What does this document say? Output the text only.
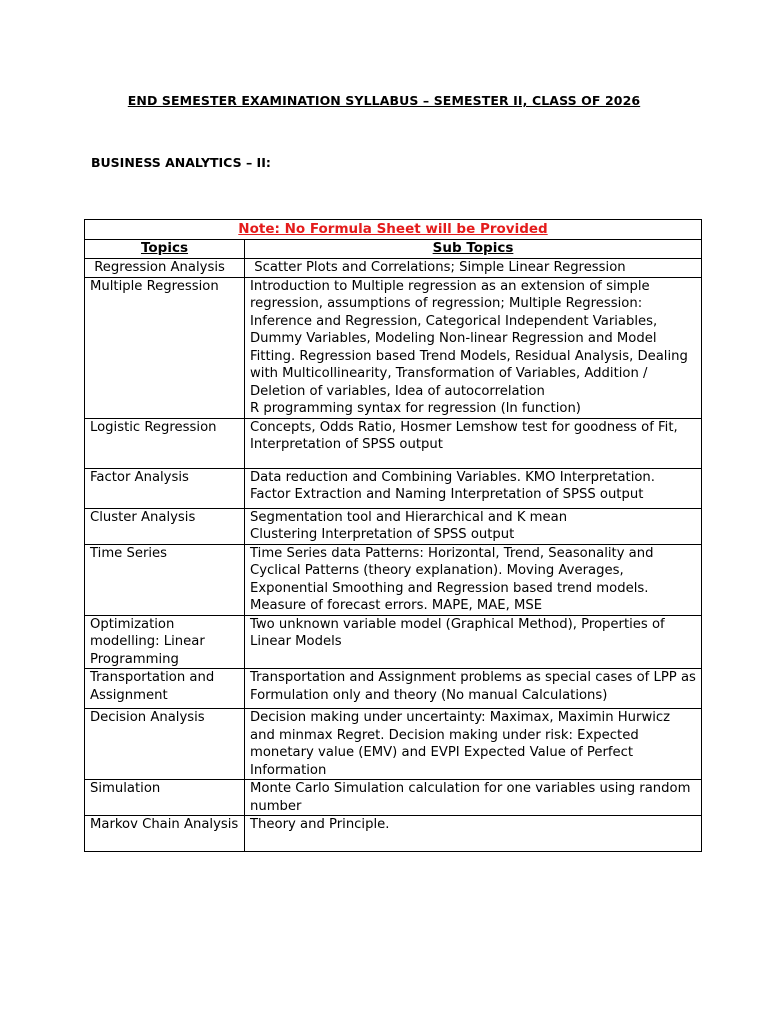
END SEMESTER EXAMINATION SYLLABUS – SEMESTER II, CLASS OF 2026
BUSINESS ANALYTICS – II:
Note: No Formula Sheet will be Provided	
Topics	Sub Topics
Regression Analysis	Scatter Plots and Correlations; Simple Linear Regression
Multiple Regression	Introduction to Multiple regression as an extension of simple regression, assumptions of regression; Multiple Regression: Inference and Regression, Categorical Independent Variables, Dummy Variables, Modeling Non-linear Regression and Model Fitting. Regression based Trend Models, Residual Analysis, Dealing with Multicollinearity, Transformation of Variables, Addition / Deletion of variables, Idea of autocorrelation
R programming syntax for regression (ln function)
Logistic Regression	Concepts, Odds Ratio, Hosmer Lemshow test for goodness of Fit, Interpretation of SPSS output
Factor Analysis	Data reduction and Combining Variables. KMO Interpretation. Factor Extraction and Naming Interpretation of SPSS output
Cluster Analysis	Segmentation tool and Hierarchical and K mean
Clustering Interpretation of SPSS output
Time Series	Time Series data Patterns: Horizontal, Trend, Seasonality and Cyclical Patterns (theory explanation). Moving Averages, Exponential Smoothing and Regression based trend models. Measure of forecast errors. MAPE, MAE, MSE
Optimization modelling: Linear Programming	Two unknown variable model (Graphical Method), Properties of Linear Models
Transportation and Assignment	Transportation and Assignment problems as special cases of LPP as Formulation only and theory (No manual Calculations)
Decision Analysis	Decision making under uncertainty: Maximax, Maximin Hurwicz and minmax Regret. Decision making under risk: Expected monetary value (EMV) and EVPI Expected Value of Perfect Information
Simulation	Monte Carlo Simulation calculation for one variables using random number
Markov Chain Analysis	Theory and Principle.
